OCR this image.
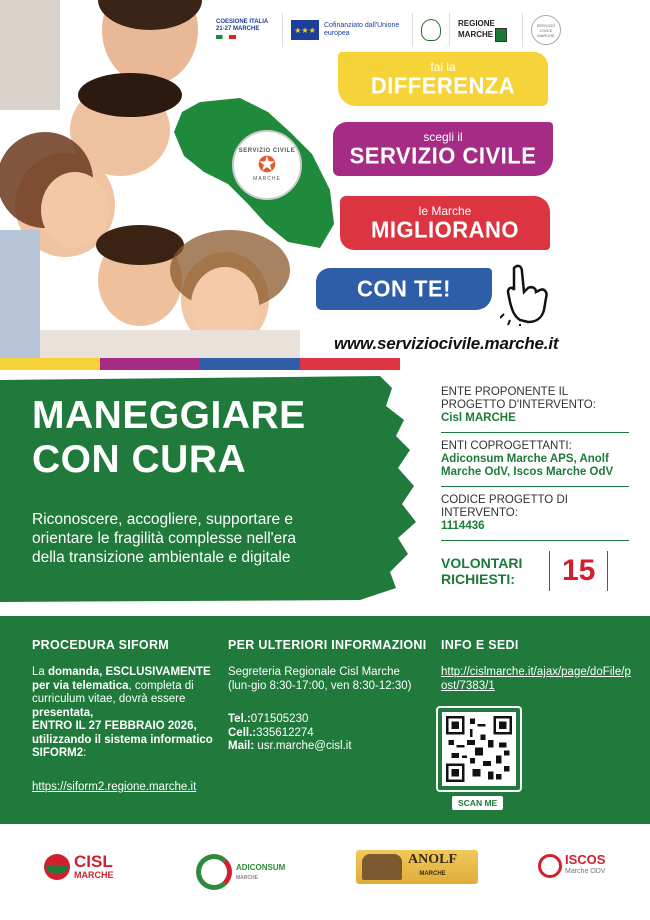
COESIONE ITALIA 21-27 MARCHE	★★★	Cofinanziato dall'Unione europea
REGIONE MARCHE
SERVIZIO CIVILE MARCHE
SERVIZIO CIVILE
✪
MARCHE
fai la
DIFFERENZA
scegli il
SERVIZIO CIVILE
le Marche
MIGLIORANO
CON TE!
www.serviziocivile.marche.it
MANEGGIARE
CON CURA
Riconoscere, accogliere, supportare e orientare le fragilità complesse nell'era della transizione ambientale e digitale
ENTE PROPONENTE IL PROGETTO D'INTERVENTO:
Cisl MARCHE
ENTI COPROGETTANTI:
Adiconsum Marche APS, Anolf Marche OdV, Iscos Marche OdV
CODICE PROGETTO DI INTERVENTO:
1114436
VOLONTARI RICHIESTI:	15
PROCEDURA SIFORM

La domanda, ESCLUSIVAMENTE per via telematica, completa di curriculum vitae, dovrà essere presentata,
ENTRO IL 27 FEBBRAIO 2026, utilizzando il sistema informatico SIFORM2:

https://siform2.regione.marche.it

PER ULTERIORI INFORMAZIONI

Segreteria Regionale Cisl Marche

(lun-gio 8:30-17:00, ven 8:30-12:30)

Tel.:071505230

Cell.:335612274

Mail: usr.marche@cisl.it

INFO E SEDI

http://cislmarche.it/ajax/page/doFile/post/7383/1

SCAN ME
CISL
MARCHE
ADICONSUM
MARCHE
ANOLF
MARCHE
ISCOS
Marche ODV
